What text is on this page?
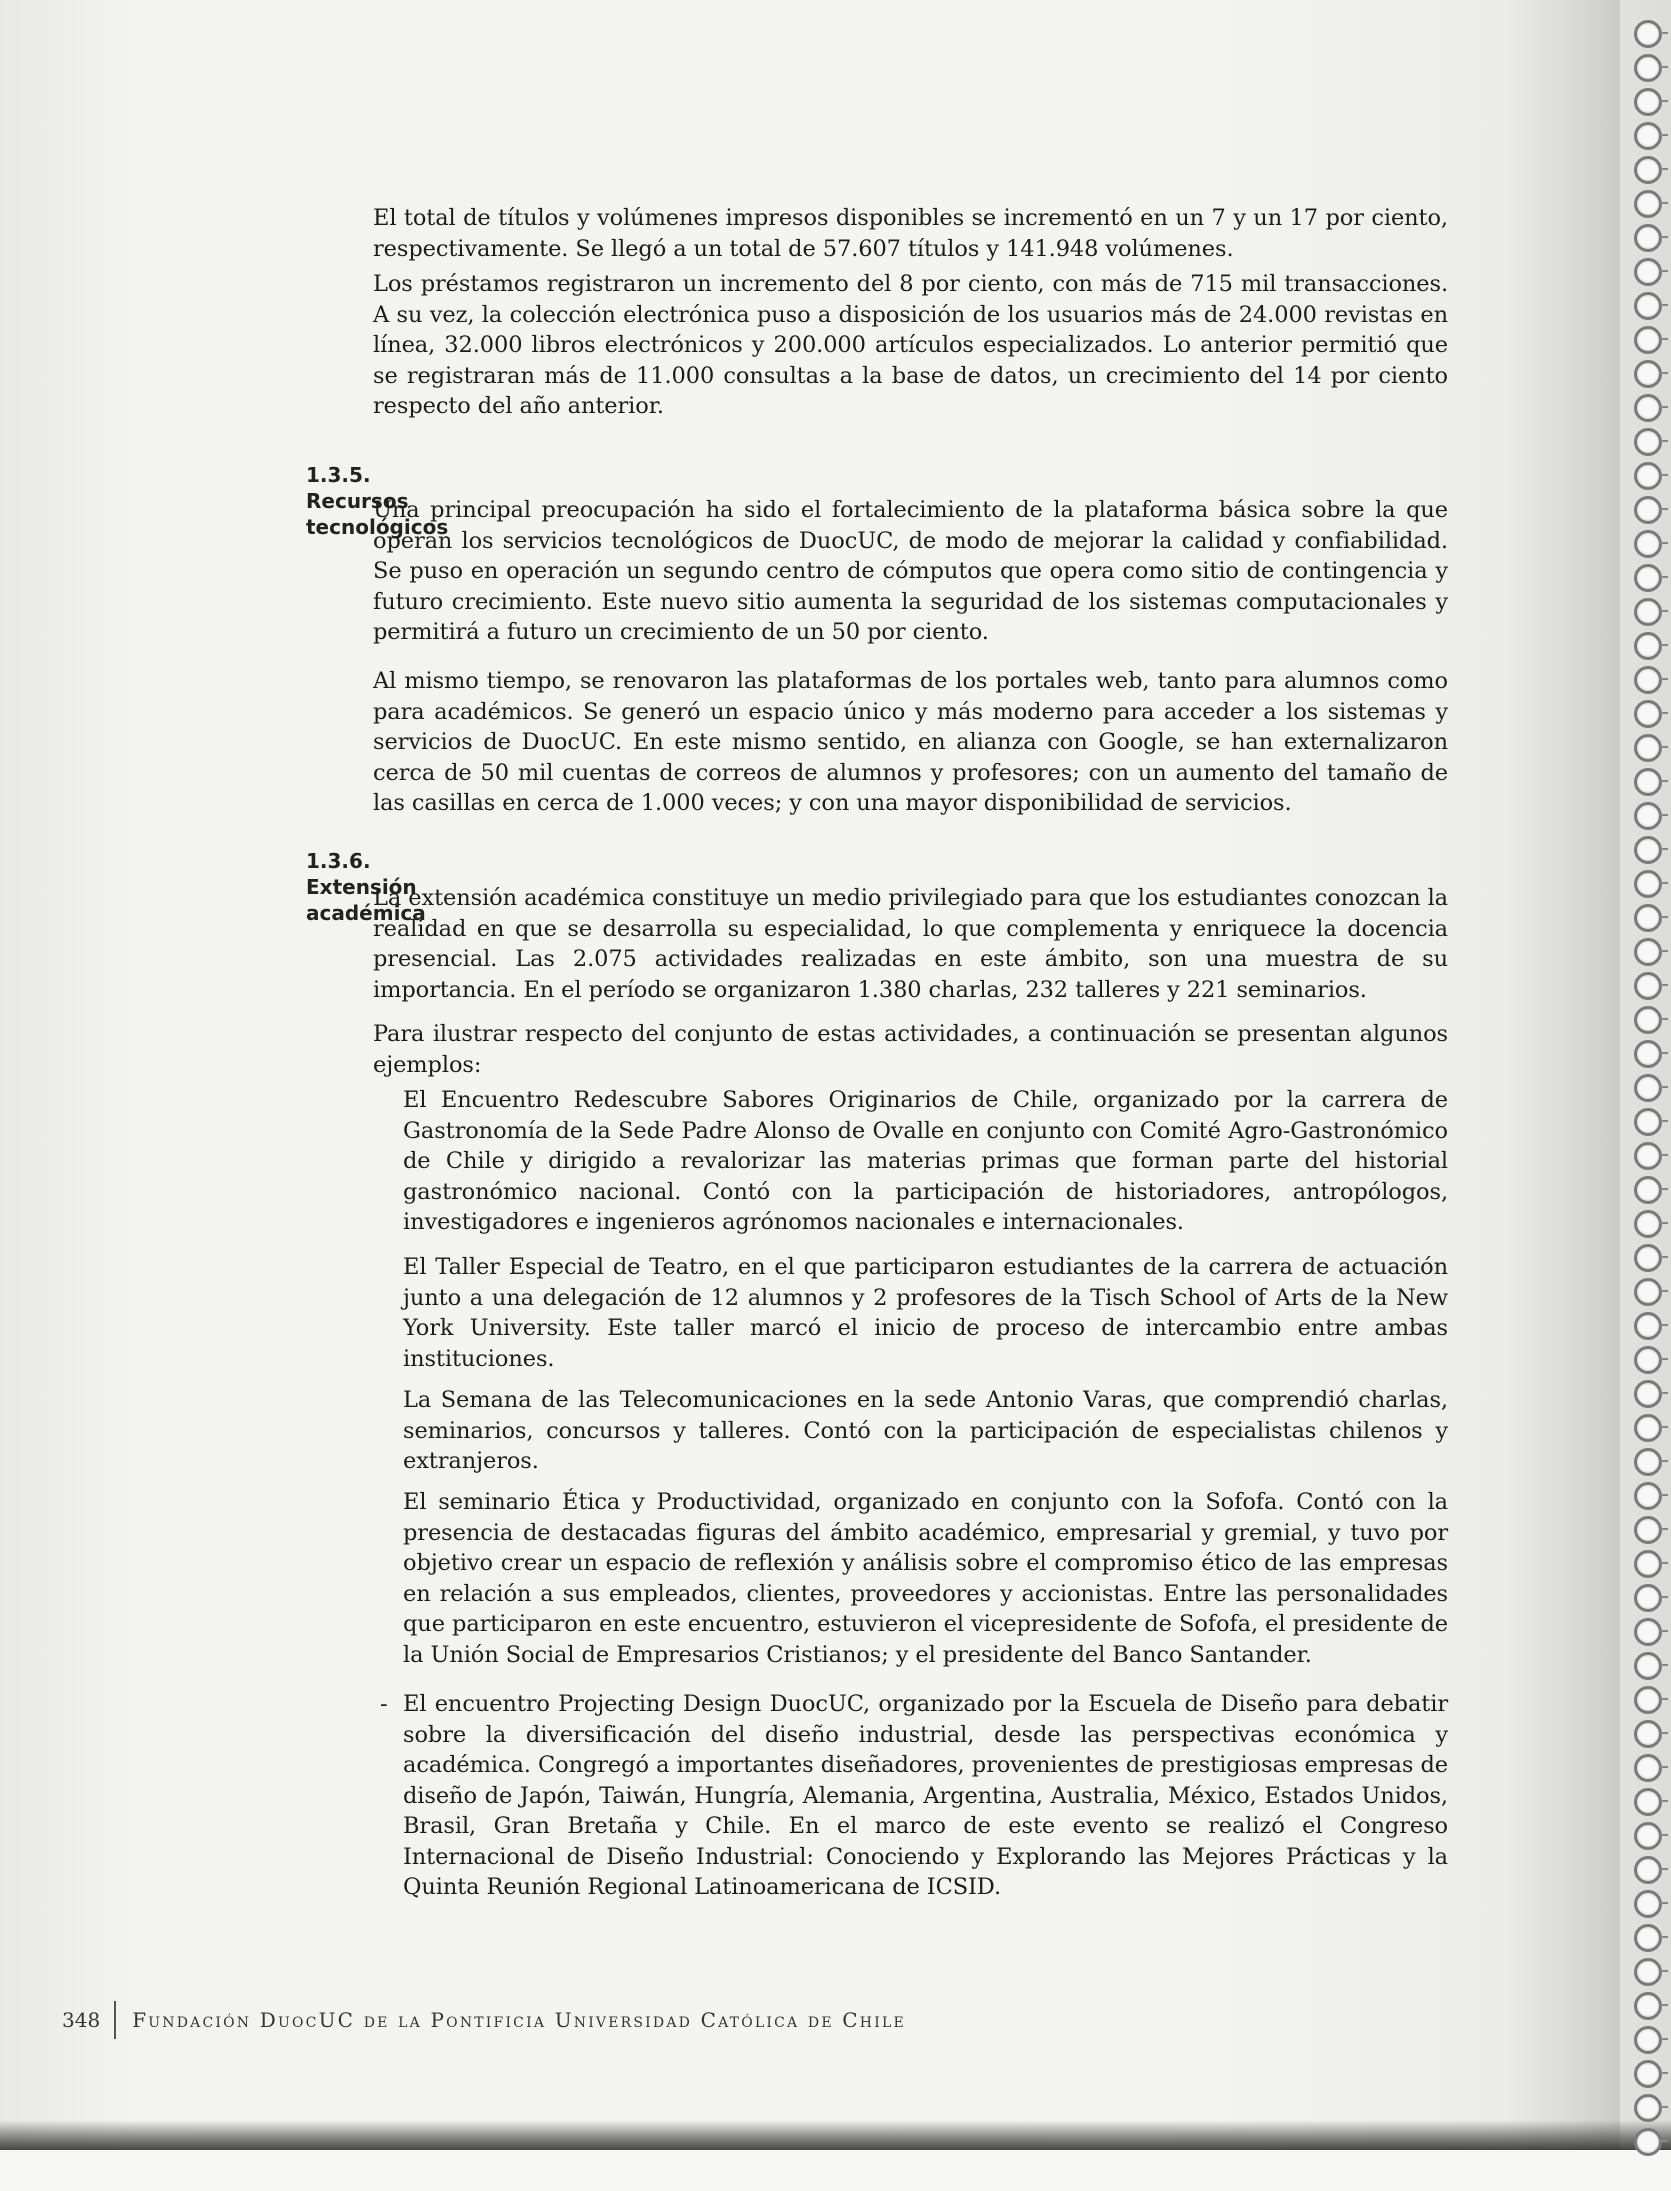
El total de títulos y volúmenes impresos disponibles se incrementó en un 7 y un 17 por ciento, respectivamente. Se llegó a un total de 57.607 títulos y 141.948 volúmenes.

Los préstamos registraron un incremento del 8 por ciento, con más de 715 mil transacciones. A su vez, la colección electrónica puso a disposición de los usuarios más de 24.000 revistas en línea, 32.000 libros electrónicos y 200.000 artículos especializados. Lo anterior permitió que se registraran más de 11.000 consultas a la base de datos, un crecimiento del 14 por ciento respecto del año anterior.

1.3.5.Recursos tecnológicos

Una principal preocupación ha sido el fortalecimiento de la plataforma básica sobre la que operan los servicios tecnológicos de DuocUC, de modo de mejorar la calidad y confiabilidad. Se puso en operación un segundo centro de cómputos que opera como sitio de contingencia y futuro crecimiento. Este nuevo sitio aumenta la seguridad de los sistemas computacionales y permitirá a futuro un crecimiento de un 50 por ciento.

Al mismo tiempo, se renovaron las plataformas de los portales web, tanto para alumnos como para académicos. Se generó un espacio único y más moderno para acceder a los sistemas y servicios de DuocUC. En este mismo sentido, en alianza con Google, se han externalizaron cerca de 50 mil cuentas de correos de alumnos y profesores; con un aumento del tamaño de las casillas en cerca de 1.000 veces; y con una mayor disponibilidad de servicios.

1.3.6.Extensión académica

La extensión académica constituye un medio privilegiado para que los estudiantes conozcan la realidad en que se desarrolla su especialidad, lo que complementa y enriquece la docencia presencial. Las 2.075 actividades realizadas en este ámbito, son una muestra de su importancia. En el período se organizaron 1.380 charlas, 232 talleres y 221 seminarios.

Para ilustrar respecto del conjunto de estas actividades, a continuación se presentan algunos ejemplos:

El Encuentro Redescubre Sabores Originarios de Chile, organizado por la carrera de Gastronomía de la Sede Padre Alonso de Ovalle en conjunto con Comité Agro-Gastronómico de Chile y dirigido a revalorizar las materias primas que forman parte del historial gastronómico nacional. Contó con la participación de historiadores, antropólogos, investigadores e ingenieros agrónomos nacionales e internacionales.

El Taller Especial de Teatro, en el que participaron estudiantes de la carrera de actuación junto a una delegación de 12 alumnos y 2 profesores de la Tisch School of Arts de la New York University. Este taller marcó el inicio de proceso de intercambio entre ambas instituciones.

La Semana de las Telecomunicaciones en la sede Antonio Varas, que comprendió charlas, seminarios, concursos y talleres. Contó con la participación de especialistas chilenos y extranjeros.

El seminario Ética y Productividad, organizado en conjunto con la Sofofa. Contó con la presencia de destacadas figuras del ámbito académico, empresarial y gremial, y tuvo por objetivo crear un espacio de reflexión y análisis sobre el compromiso ético de las empresas en relación a sus empleados, clientes, proveedores y accionistas. Entre las personalidades que participaron en este encuentro, estuvieron el vicepresidente de Sofofa, el presidente de la Unión Social de Empresarios Cristianos; y el presidente del Banco Santander.

- El encuentro Projecting Design DuocUC, organizado por la Escuela de Diseño para debatir sobre la diversificación del diseño industrial, desde las perspectivas económica y académica. Congregó a importantes diseñadores, provenientes de prestigiosas empresas de diseño de Japón, Taiwán, Hungría, Alemania, Argentina, Australia, México, Estados Unidos, Brasil, Gran Bretaña y Chile. En el marco de este evento se realizó el Congreso Internacional de Diseño Industrial: Conociendo y Explorando las Mejores Prácticas y la Quinta Reunión Regional Latinoamericana de ICSID.

348 Fundación DuocUC de la Pontificia Universidad Católica de Chile
